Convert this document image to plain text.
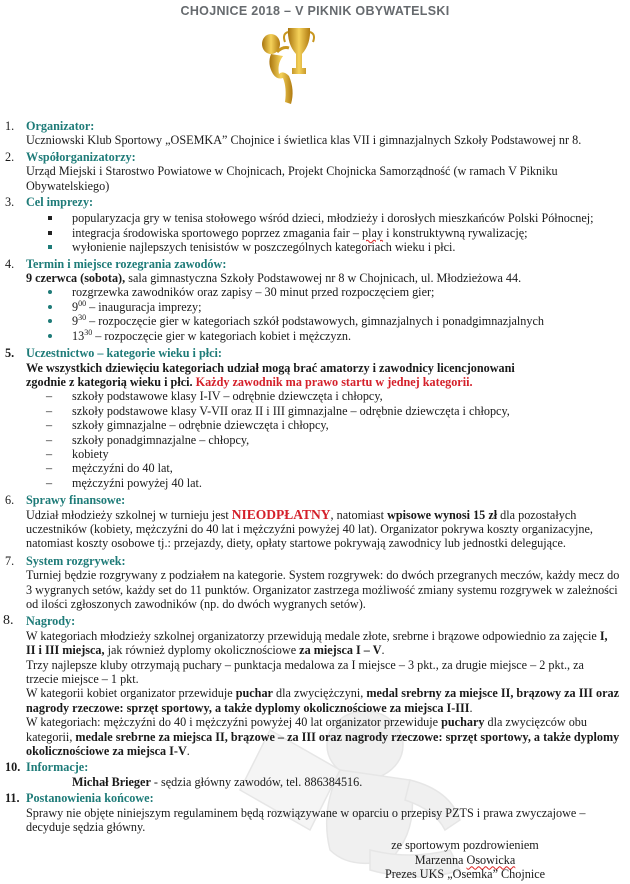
CHOJNICE 2018 – V PIKNIK OBYWATELSKI
1. Organizator:
Uczniowski Klub Sportowy „OSEMKA” Chojnice i świetlica klas VII i gimnazjalnych Szkoły Podstawowej nr 8.
2. Współorganizatorzy:
Urząd Miejski i Starostwo Powiatowe w Chojnicach, Projekt Chojnicka Samorządność (w ramach V Pikniku Obywatelskiego)
3. Cel imprezy:
popularyzacja gry w tenisa stołowego wśród dzieci, młodzieży i dorosłych mieszkańców Polski Północnej;
integracja środowiska sportowego poprzez zmagania fair – play i konstruktywną rywalizację;
wyłonienie najlepszych tenisistów w poszczególnych kategoriach wieku i płci.
4. Termin i miejsce rozegrania zawodów:
9 czerwca (sobota), sala gimnastyczna Szkoły Podstawowej nr 8 w Chojnicach, ul. Młodzieżowa 44.
rozgrzewka zawodników oraz zapisy – 30 minut przed rozpoczęciem gier;
$9^{00}$ – inauguracja imprezy;
$9^{30}$ – rozpoczęcie gier w kategoriach szkół podstawowych, gimnazjalnych i ponadgimnazjalnych
$13^{30}$ – rozpoczęcie gier w kategoriach kobiet i mężczyzn.
5. Uczestnictwo – kategorie wieku i płci:
We wszystkich dziewięciu kategoriach udział mogą brać amatorzy i zawodnicy licencjonowani zgodnie z kategorią wieku i płci. Każdy zawodnik ma prawo startu w jednej kategorii.
– szkoły podstawowe klasy I-IV – odrębnie dziewczęta i chłopcy,
– szkoły podstawowe klasy V-VII oraz II i III gimnazjalne – odrębnie dziewczęta i chłopcy,
– szkoły gimnazjalne – odrębnie dziewczęta i chłopcy,
– szkoły ponadgimnazjalne – chłopcy,
– kobiety
– mężczyźni do 40 lat,
– mężczyźni powyżej 40 lat.
6. Sprawy finansowe:
Udział młodzieży szkolnej w turnieju jest NIEODPŁATNY, natomiast wpisowe wynosi 15 zł dla pozostałych uczestników (kobiety, mężczyźni do 40 lat i mężczyźni powyżej 40 lat). Organizator pokrywa koszty organizacyjne, natomiast koszty osobowe tj.: przejazdy, diety, opłaty startowe pokrywają zawodnicy lub jednostki delegujące.
7. System rozgrywek:
Turniej będzie rozgrywany z podziałem na kategorie. System rozgrywek: do dwóch przegranych meczów, każdy mecz do 3 wygranych setów, każdy set do 11 punktów. Organizator zastrzega możliwość zmiany systemu rozgrywek w zależności od ilości zgłoszonych zawodników (np. do dwóch wygranych setów).
8.	Nagrody:
W kategoriach młodzieży szkolnej organizatorzy przewidują medale złote, srebrne i brązowe odpowiednio za zajęcie I, II i III miejsca, jak również dyplomy okolicznościowe za miejsca I – V.
Trzy najlepsze kluby otrzymają puchary – punktacja medalowa za I miejsce – 3 pkt., za drugie miejsce – 2 pkt., za trzecie miejsce – 1 pkt.
W kategorii kobiet organizator przewiduje puchar dla zwyciężczyni, medal srebrny za miejsce II, brązowy za III oraz nagrody rzeczowe: sprzęt sportowy, a także dyplomy okolicznościowe za miejsca I-III.
W kategoriach: mężczyźni do 40 i mężczyźni powyżej 40 lat organizator przewiduje puchary dla zwycięzców obu kategorii, medale srebrne za miejsca II, brązowe – za III oraz nagrody rzeczowe: sprzęt sportowy, a także dyplomy okolicznościowe za miejsca I-V.
10. Informacje:
Michał Brieger - sędzia główny zawodów, tel. 886384516.
11. Postanowienia końcowe:
Sprawy nie objęte niniejszym regulaminem będą rozwiązywane w oparciu o przepisy PZTS i prawa zwyczajowe – decyduje sędzia główny.
ze sportowym pozdrowieniem
Marzenna Osowicka
Prezes UKS „Osemka” Chojnice
